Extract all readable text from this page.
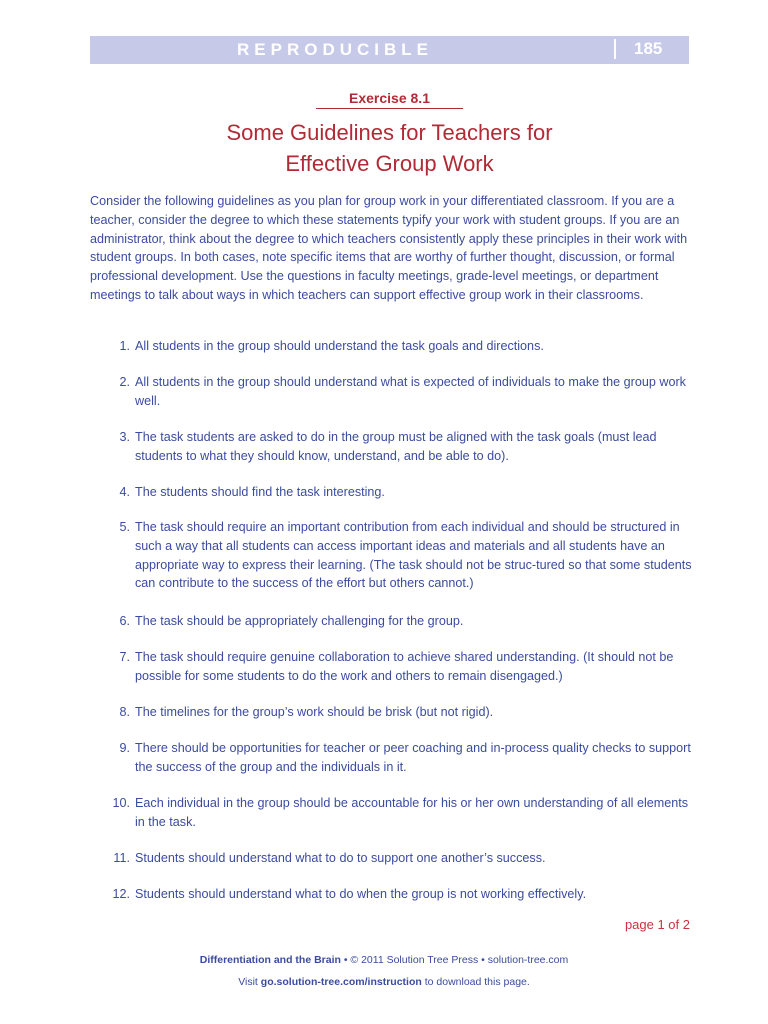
REPRODUCIBLE	185
Exercise 8.1
Some Guidelines for Teachers for
Effective Group Work

Consider the following guidelines as you plan for group work in your differentiated classroom. If you are a teacher, consider the degree to which these statements typify your work with student groups. If you are an administrator, think about the degree to which teachers consistently apply these principles in their work with student groups. In both cases, note specific items that are worthy of further thought, discussion, or formal professional development. Use the questions in faculty meetings, grade-level meetings, or department meetings to talk about ways in which teachers can support effective group work in their classrooms.

1. All students in the group should understand the task goals and directions.
2. All students in the group should understand what is expected of individuals to make the group work well.
3. The task students are asked to do in the group must be aligned with the task goals (must lead students to what they should know, understand, and be able to do).
4. The students should find the task interesting.
5. The task should require an important contribution from each individual and should be structured in such a way that all students can access important ideas and materials and all students have an appropriate way to express their learning. (The task should not be struc-tured so that some students can contribute to the success of the effort but others cannot.)
6. The task should be appropriately challenging for the group.
7. The task should require genuine collaboration to achieve shared understanding. (It should not be possible for some students to do the work and others to remain disengaged.)
8. The timelines for the group’s work should be brisk (but not rigid).
9. There should be opportunities for teacher or peer coaching and in-process quality checks to support the success of the group and the individuals in it.
10. Each individual in the group should be accountable for his or her own understanding of all elements in the task.
11. Students should understand what to do to support one another’s success.
12. Students should understand what to do when the group is not working effectively.
page 1 of 2
Differentiation and the Brain • © 2011 Solution Tree Press • solution-tree.com
Visit go.solution-tree.com/instruction to download this page.
